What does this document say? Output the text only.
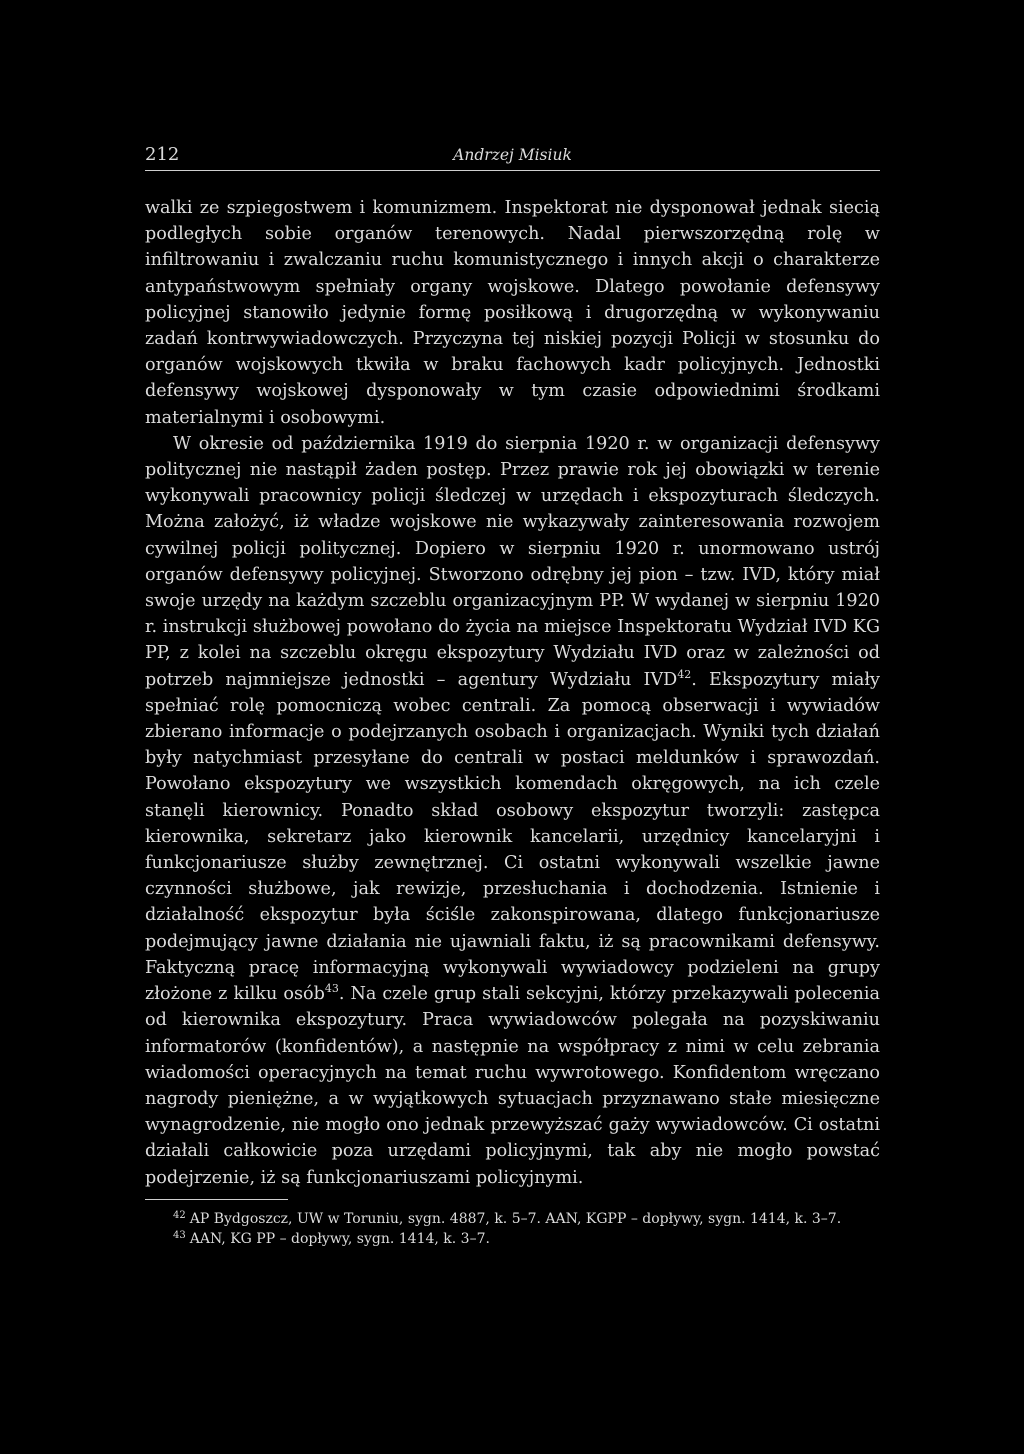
212	Andrzej Misiuk

walki ze szpiegostwem i komunizmem. Inspektorat nie dysponował jednak siecią podległych sobie organów terenowych. Nadal pierwszorzędną rolę w infiltrowaniu i zwalczaniu ruchu komunistycznego i innych akcji o charakterze antypaństwowym spełniały organy wojskowe. Dlatego powołanie defensywy policyjnej stanowiło jedynie formę posiłkową i drugorzędną w wykonywaniu zadań kontrwywiadowczych. Przyczyna tej niskiej pozycji Policji w stosunku do organów wojskowych tkwiła w braku fachowych kadr policyjnych. Jednostki defensywy wojskowej dysponowały w tym czasie odpowiednimi środkami materialnymi i osobowymi.

W okresie od października 1919 do sierpnia 1920 r. w organizacji defensywy politycznej nie nastąpił żaden postęp. Przez prawie rok jej obowiązki w terenie wykonywali pracownicy policji śledczej w urzędach i ekspozyturach śledczych. Można założyć, iż władze wojskowe nie wykazywały zainteresowania rozwojem cywilnej policji politycznej. Dopiero w sierpniu 1920 r. unormowano ustrój organów defensywy policyjnej. Stworzono odrębny jej pion – tzw. IVD, który miał swoje urzędy na każdym szczeblu organizacyjnym PP. W wydanej w sierpniu 1920 r. instrukcji służbowej powołano do życia na miejsce Inspektoratu Wydział IVD KG PP, z kolei na szczeblu okręgu ekspozytury Wydziału IVD oraz w zależności od potrzeb najmniejsze jednostki – agentury Wydziału IVD$^{42}$. Ekspozytury miały spełniać rolę pomocniczą wobec centrali. Za pomocą obserwacji i wywiadów zbierano informacje o podejrzanych osobach i organizacjach. Wyniki tych działań były natychmiast przesyłane do centrali w postaci meldunków i sprawozdań. Powołano ekspozytury we wszystkich komendach okręgowych, na ich czele stanęli kierownicy. Ponadto skład osobowy ekspozytur tworzyli: zastępca kierownika, sekretarz jako kierownik kancelarii, urzędnicy kancelaryjni i funkcjonariusze służby zewnętrznej. Ci ostatni wykonywali wszelkie jawne czynności służbowe, jak rewizje, przesłuchania i dochodzenia. Istnienie i działalność ekspozytur była ściśle zakonspirowana, dlatego funkcjonariusze podejmujący jawne działania nie ujawniali faktu, iż są pracownikami defensywy. Faktyczną pracę informacyjną wykonywali wywiadowcy podzieleni na grupy złożone z kilku osób$^{43}$. Na czele grup stali sekcyjni, którzy przekazywali polecenia od kierownika ekspozytury. Praca wywiadowców polegała na pozyskiwaniu informatorów (konfidentów), a następnie na współpracy z nimi w celu zebrania wiadomości operacyjnych na temat ruchu wywrotowego. Konfidentom wręczano nagrody pieniężne, a w wyjątkowych sytuacjach przyznawano stałe miesięczne wynagrodzenie, nie mogło ono jednak przewyższać gaży wywiadowców. Ci ostatni działali całkowicie poza urzędami policyjnymi, tak aby nie mogło powstać podejrzenie, iż są funkcjonariuszami policyjnymi.

$^{42}$ AP Bydgoszcz, UW w Toruniu, sygn. 4887, k. 5–7. AAN, KGPP – dopływy, sygn. 1414, k. 3–7.

$^{43}$ AAN, KG PP – dopływy, sygn. 1414, k. 3–7.
